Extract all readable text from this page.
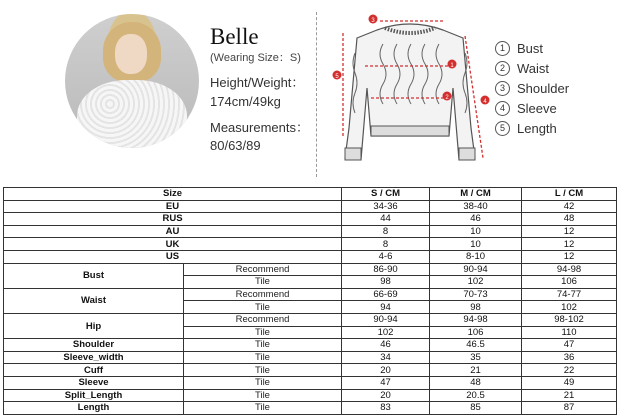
Belle
(Wearing Size：S)
Height/Weight：
174cm/49kg
Measurements：
80/63/89
3
1
2
5
4
1 Bust
2 Waist
3 Shoulder
4 Sleeve
5 Length
Size		S / CM	M / CM	L / CM
EU		34-36	38-40	42
RUS		44	46	48
AU		8	10	12
UK		8	10	12
US		4-6	8-10	12
Bust	Recommend	86-90	90-94	94-98
	Tile	98	102	106
Waist	Recommend	66-69	70-73	74-77
	Tile	94	98	102
Hip	Recommend	90-94	94-98	98-102
	Tile	102	106	110
Shoulder	Tile	46	46.5	47
Sleeve_width	Tile	34	35	36
Cuff	Tile	20	21	22
Sleeve	Tile	47	48	49
Split_Length	Tile	20	20.5	21
Length	Tile	83	85	87
